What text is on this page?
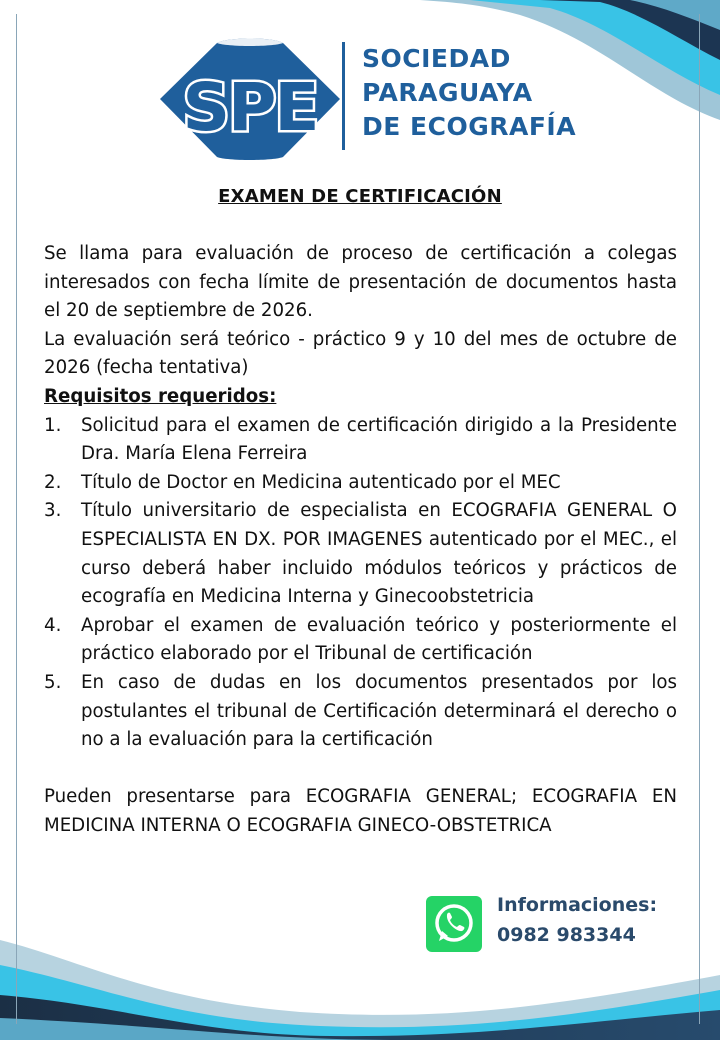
SPE
SOCIEDAD
PARAGUAYA
DE ECOGRAFÍA
EXAMEN DE CERTIFICACIÓN

Se llama para evaluación de proceso de certificación a colegas interesados con fecha límite de presentación de documentos hasta el 20 de septiembre de 2026.

La evaluación será teórico - práctico 9 y 10 del mes de octubre de 2026 (fecha tentativa)

Requisitos requeridos:
1. Solicitud para el examen de certificación dirigido a la Presidente Dra. María Elena Ferreira
2. Título de Doctor en Medicina autenticado por el MEC
3. Título universitario de especialista en ECOGRAFIA GENERAL O ESPECIALISTA EN DX. POR IMAGENES autenticado por el MEC., el curso deberá haber incluido módulos teóricos y prácticos de ecografía en Medicina Interna y Ginecoobstetricia
4. Aprobar el examen de evaluación teórico y posteriormente el práctico elaborado por el Tribunal de certificación
5. En caso de dudas en los documentos presentados por los postulantes el tribunal de Certificación determinará el derecho o no a la evaluación para la certificación

Pueden presentarse para ECOGRAFIA GENERAL; ECOGRAFIA EN MEDICINA INTERNA O ECOGRAFIA GINECO-OBSTETRICA

Informaciones:
0982 983344
